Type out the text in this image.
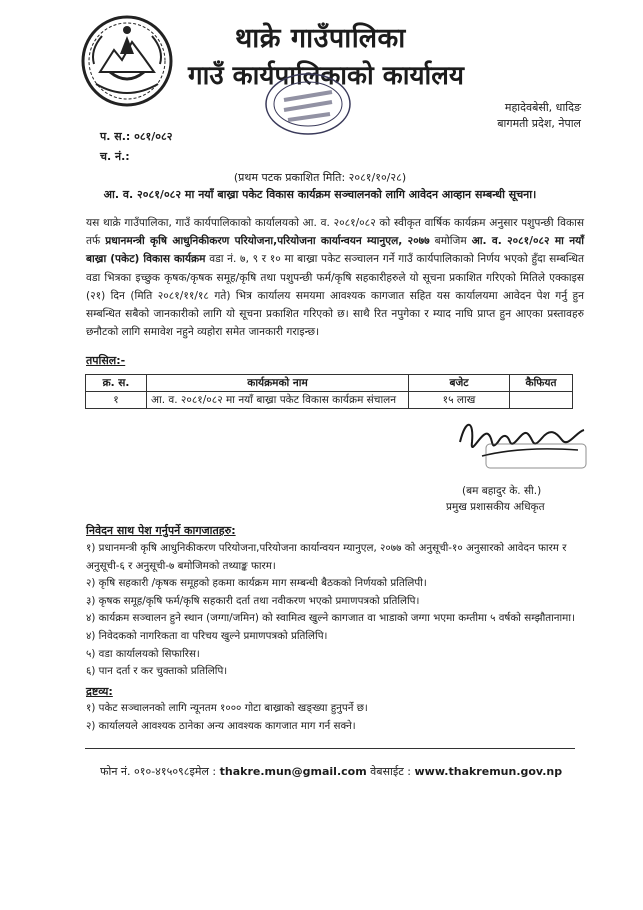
थाक्रे गाउँपालिका
गाउँ कार्यपालिकाको कार्यालय
महादेवबेसी, धादिङ
बागमती प्रदेश, नेपाल
प. स.: ०८१/०८२
च. नं.:
(प्रथम पटक प्रकाशित मिति: २०८१/१०/२८)
आ. व. २०८१/०८२ मा नयाँ बाख्रा पकेट विकास कार्यक्रम सञ्चालनको लागि आवेदन आव्हान सम्बन्धी सूचना।
यस थाक्रे गाउँपालिका, गाउँ कार्यपालिकाको कार्यालयको आ. व. २०८१/०८२ को स्वीकृत वार्षिक कार्यक्रम अनुसार पशुपन्छी विकास तर्फ प्रधानमन्त्री कृषि आधुनिकीकरण परियोजना,परियोजना कार्यान्वयन म्यानुएल, २०७७ बमोजिम आ. व. २०८१/०८२ मा नयाँ बाख्रा (पकेट) विकास कार्यक्रम वडा नं. ७, ९ र १० मा बाख्रा पकेट सञ्चालन गर्ने गाउँ कार्यपालिकाको निर्णय भएको हुँदा सम्बन्धित वडा भित्रका इच्छुक कृषक/कृषक समूह/कृषि तथा पशुपन्छी फर्म/कृषि सहकारीहरुले यो सूचना प्रकाशित गरिएको मितिले एक्काइस (२१) दिन (मिति २०८१/११/१८ गते) भित्र कार्यालय समयमा आवश्यक कागजात सहित यस कार्यालयमा आवेदन पेश गर्नु हुन सम्बन्धित सबैको जानकारीको लागि यो सूचना प्रकाशित गरिएको छ। साथै रित नपुगेका र म्याद नाघि प्राप्त हुन आएका प्रस्तावहरु छनौटको लागि समावेश नहुने व्यहोरा समेत जानकारी गराइन्छ।
तपसिल:-
क्र. स.	कार्यक्रमको नाम	बजेट	कैफियत
१	आ. व. २०८१/०८२ मा नयाँ बाख्रा पकेट विकास कार्यक्रम संचालन	१५ लाख	
(बम बहादुर के. सी.)
प्रमुख प्रशासकीय अधिकृत
निवेदन साथ पेश गर्नुपर्ने कागजातहरु:
१) प्रधानमन्त्री कृषि आधुनिकीकरण परियोजना,परियोजना कार्यान्वयन म्यानुएल, २०७७ को अनुसूची-१० अनुसारको आवेदन फारम र अनुसूची-६ र अनुसूची-७ बमोजिमको तथ्याङ्क फारम।
२) कृषि सहकारी /कृषक समूहको हकमा कार्यक्रम माग सम्बन्धी बैठकको निर्णयको प्रतिलिपी।
३) कृषक समूह/कृषि फर्म/कृषि सहकारी दर्ता तथा नवीकरण भएको प्रमाणपत्रको प्रतिलिपि।
४) कार्यक्रम सञ्चालन हुने स्थान (जग्गा/जमिन) को स्वामित्व खुल्ने कागजात वा भाडाको जग्गा भएमा कम्तीमा ५ वर्षको सम्झौतानामा।
४) निवेदकको नागरिकता वा परिचय खुल्ने प्रमाणपत्रको प्रतिलिपि।
५) वडा कार्यालयको सिफारिस।
६) पान दर्ता र कर चुक्ताको प्रतिलिपि।
द्रष्टव्य:
१) पकेट सञ्चालनको लागि न्यूनतम १००० गोटा बाख्राको खङ्ख्या हुनुपर्ने छ।
२) कार्यालयले आवश्यक ठानेका अन्य आवश्यक कागजात माग गर्न सक्ने।
फोन नं. ०१०-४१५०९८इमेल : thakre.mun@gmail.com वेबसाईट : www.thakremun.gov.np
